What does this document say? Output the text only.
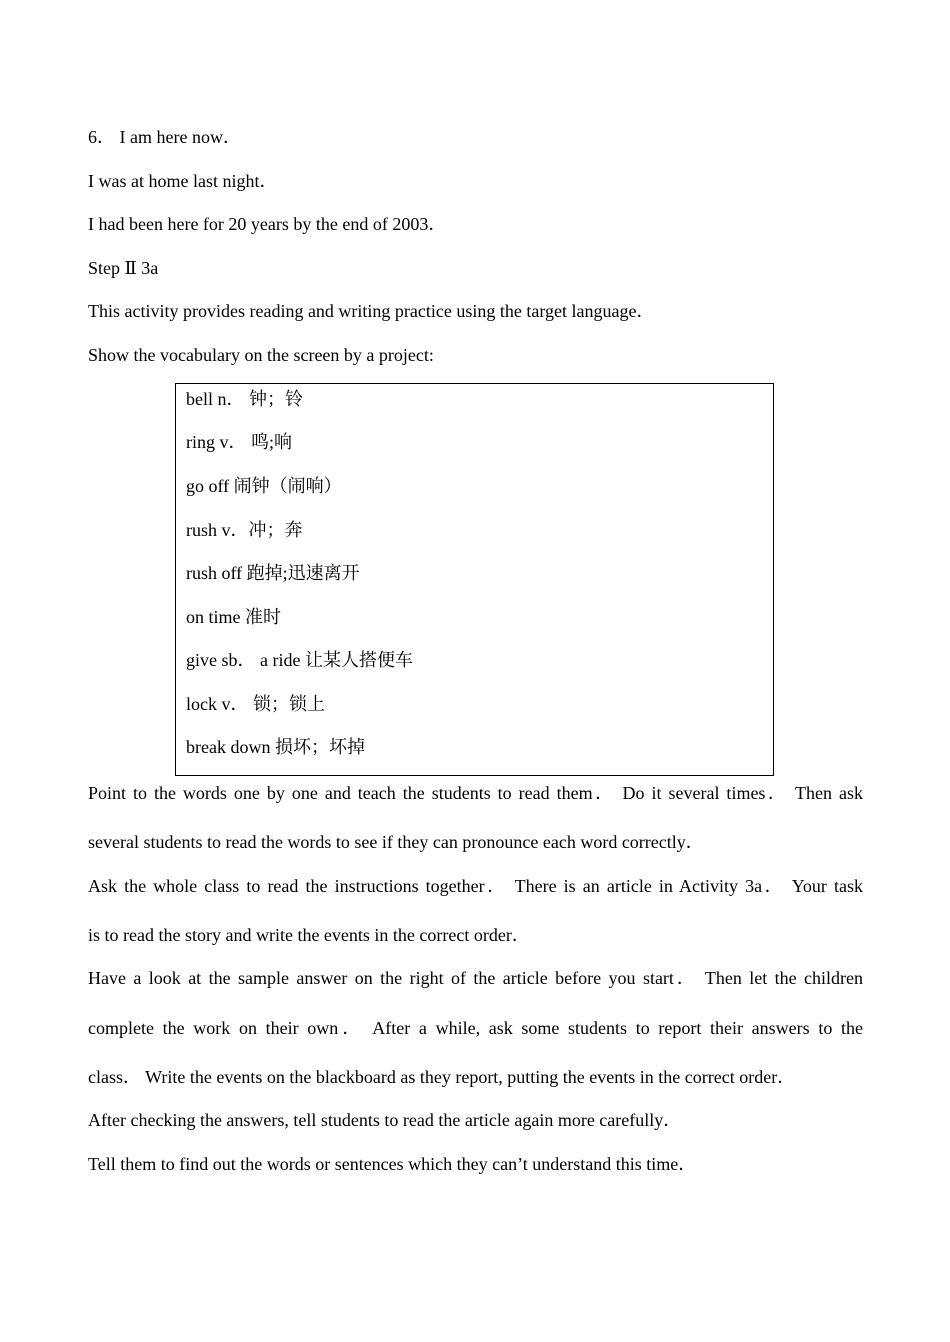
6． I am here now．
I was at home last night．
I had been here for 20 years by the end of 2003．
Step Ⅱ 3a
This activity provides reading and writing practice using the target language．
Show the vocabulary on the screen by a project:
bell n． 钟；铃
ring v． 鸣;响
go off 闹钟（闹响）
rush v．冲；奔
rush off 跑掉;迅速离开
on time 准时
give sb． a ride 让某人搭便车
lock v． 锁；锁上
break down 损坏；坏掉
Point to the words one by one and teach the students to read them． Do it several times． Then ask
several students to read the words to see if they can pronounce each word correctly．
Ask the whole class to read the instructions together． There is an article in Activity 3a． Your task
is to read the story and write the events in the correct order．
Have a look at the sample answer on the right of the article before you start． Then let the children
complete the work on their own． After a while, ask some students to report their answers to the
class． Write the events on the blackboard as they report, putting the events in the correct order．
After checking the answers, tell students to read the article again more carefully．
Tell them to find out the words or sentences which they can’t understand this time．
